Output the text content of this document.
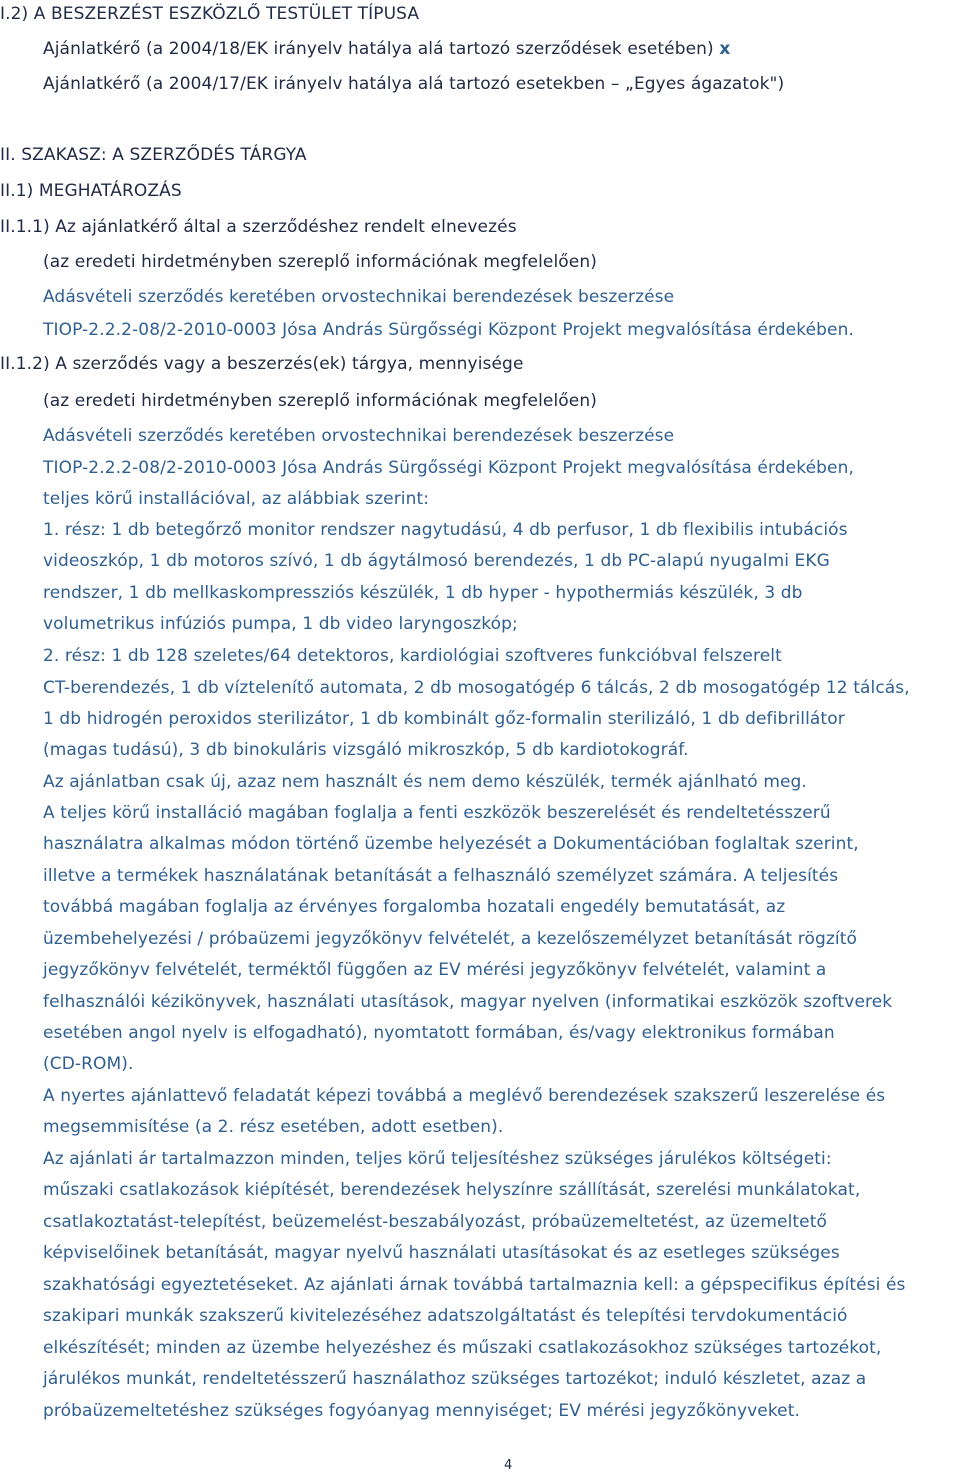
I.2) A BESZERZÉST ESZKÖZLŐ TESTÜLET TÍPUSA
Ajánlatkérő (a 2004/18/EK irányelv hatálya alá tartozó szerződések esetében) x
Ajánlatkérő (a 2004/17/EK irányelv hatálya alá tartozó esetekben – „Egyes ágazatok")
II. SZAKASZ: A SZERZŐDÉS TÁRGYA
II.1) MEGHATÁROZÁS
II.1.1) Az ajánlatkérő által a szerződéshez rendelt elnevezés
(az eredeti hirdetményben szereplő információnak megfelelően)
Adásvételi szerződés keretében orvostechnikai berendezések beszerzése
TIOP-2.2.2-08/2-2010-0003 Jósa András Sürgősségi Központ Projekt megvalósítása érdekében.
II.1.2) A szerződés vagy a beszerzés(ek) tárgya, mennyisége
(az eredeti hirdetményben szereplő információnak megfelelően)
Adásvételi szerződés keretében orvostechnikai berendezések beszerzése
TIOP-2.2.2-08/2-2010-0003 Jósa András Sürgősségi Központ Projekt megvalósítása érdekében,
teljes körű installációval, az alábbiak szerint:
1. rész: 1 db betegőrző monitor rendszer nagytudású, 4 db perfusor, 1 db flexibilis intubációs
videoszkóp, 1 db motoros szívó, 1 db ágytálmosó berendezés, 1 db PC-alapú nyugalmi EKG
rendszer, 1 db mellkaskompressziós készülék, 1 db hyper - hypothermiás készülék, 3 db
volumetrikus infúziós pumpa, 1 db video laryngoszkóp;
2. rész: 1 db 128 szeletes/64 detektoros, kardiológiai szoftveres funkcióbval felszerelt
CT-berendezés, 1 db víztelenítő automata, 2 db mosogatógép 6 tálcás, 2 db mosogatógép 12 tálcás,
1 db hidrogén peroxidos sterilizátor, 1 db kombinált gőz-formalin sterilizáló, 1 db defibrillátor
(magas tudású), 3 db binokuláris vizsgáló mikroszkóp, 5 db kardiotokográf.
Az ajánlatban csak új, azaz nem használt és nem demo készülék, termék ajánlható meg.
A teljes körű installáció magában foglalja a fenti eszközök beszerelését és rendeltetésszerű
használatra alkalmas módon történő üzembe helyezését a Dokumentációban foglaltak szerint,
illetve a termékek használatának betanítását a felhasználó személyzet számára. A teljesítés
továbbá magában foglalja az érvényes forgalomba hozatali engedély bemutatását, az
üzembehelyezési / próbaüzemi jegyzőkönyv felvételét, a kezelőszemélyzet betanítását rögzítő
jegyzőkönyv felvételét, terméktől függően az EV mérési jegyzőkönyv felvételét, valamint a
felhasználói kézikönyvek, használati utasítások, magyar nyelven (informatikai eszközök szoftverek
esetében angol nyelv is elfogadható), nyomtatott formában, és/vagy elektronikus formában
(CD-ROM).
A nyertes ajánlattevő feladatát képezi továbbá a meglévő berendezések szakszerű leszerelése és
megsemmisítése (a 2. rész esetében, adott esetben).
Az ajánlati ár tartalmazzon minden, teljes körű teljesítéshez szükséges járulékos költségeti:
műszaki csatlakozások kiépítését, berendezések helyszínre szállítását, szerelési munkálatokat,
csatlakoztatást-telepítést, beüzemelést-beszabályozást, próbaüzemeltetést, az üzemeltető
képviselőinek betanítását, magyar nyelvű használati utasításokat és az esetleges szükséges
szakhatósági egyeztetéseket. Az ajánlati árnak továbbá tartalmaznia kell: a gépspecifikus építési és
szakipari munkák szakszerű kivitelezéséhez adatszolgáltatást és telepítési tervdokumentáció
elkészítését; minden az üzembe helyezéshez és műszaki csatlakozásokhoz szükséges tartozékot,
járulékos munkát, rendeltetésszerű használathoz szükséges tartozékot; induló készletet, azaz a
próbaüzemeltetéshez szükséges fogyóanyag mennyiséget; EV mérési jegyzőkönyveket.
4
